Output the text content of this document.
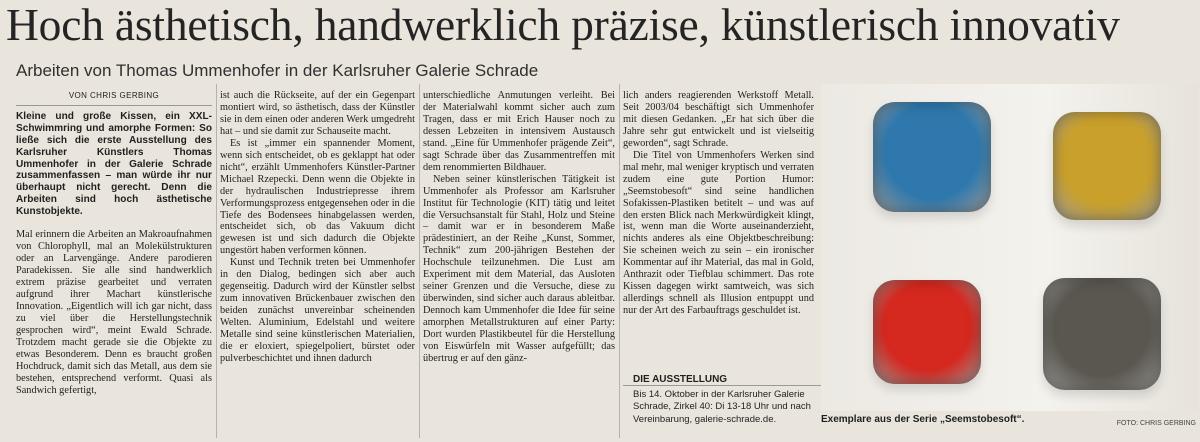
Hoch ästhetisch, handwerklich präzise, künstlerisch innovativ
Arbeiten von Thomas Ummenhofer in der Karlsruher Galerie Schrade
VON CHRIS GERBING

Kleine und große Kissen, ein XXL-Schwimmring und amorphe Formen: So ließe sich die erste Ausstellung des Karlsruher Künstlers Thomas Ummenhofer in der Galerie Schrade zusammenfassen – man würde ihr nur überhaupt nicht gerecht. Denn die Arbeiten sind hoch ästhetische Kunstobjekte.

Mal erinnern die Arbeiten an Makroaufnahmen von Chlorophyll, mal an Molekülstrukturen oder an Larvengänge. Andere parodieren Paradekissen. Sie alle sind handwerklich extrem präzise gearbeitet und verraten aufgrund ihrer Machart künstlerische Innovation. „Eigentlich will ich gar nicht, dass zu viel über die Herstellungstechnik gesprochen wird“, meint Ewald Schrade. Trotzdem macht gerade sie die Objekte zu etwas Besonderem. Denn es braucht großen Hochdruck, damit sich das Metall, aus dem sie bestehen, entsprechend verformt. Quasi als Sandwich gefertigt,

ist auch die Rückseite, auf der ein Gegenpart montiert wird, so ästhetisch, dass der Künstler sie in dem einen oder anderen Werk umgedreht hat – und sie damit zur Schauseite macht.

Es ist „immer ein spannender Moment, wenn sich entscheidet, ob es geklappt hat oder nicht“, erzählt Ummenhofers Künstler-Partner Michael Rzepecki. Denn wenn die Objekte in der hydraulischen Industriepresse ihrem Verformungsprozess entgegensehen oder in die Tiefe des Bodensees hinabgelassen werden, entscheidet sich, ob das Vakuum dicht gewesen ist und sich dadurch die Objekte ungestört haben verformen können.

Kunst und Technik treten bei Ummenhofer in den Dialog, bedingen sich aber auch gegenseitig. Dadurch wird der Künstler selbst zum innovativen Brückenbauer zwischen den beiden zunächst unvereinbar scheinenden Welten. Aluminium, Edelstahl und weitere Metalle sind seine künstlerischen Materialien, die er eloxiert, spiegelpoliert, bürstet oder pulverbeschichtet und ihnen dadurch

unterschiedliche Anmutungen verleiht. Bei der Materialwahl kommt sicher auch zum Tragen, dass er mit Erich Hauser noch zu dessen Lebzeiten in intensivem Austausch stand. „Eine für Ummenhofer prägende Zeit“, sagt Schrade über das Zusammentreffen mit dem renommierten Bildhauer.

Neben seiner künstlerischen Tätigkeit ist Ummenhofer als Professor am Karlsruher Institut für Technologie (KIT) tätig und leitet die Versuchsanstalt für Stahl, Holz und Steine – damit war er in besonderem Maße prädestiniert, an der Reihe „Kunst, Sommer, Technik“ zum 200-jährigen Bestehen der Hochschule teilzunehmen. Die Lust am Experiment mit dem Material, das Ausloten seiner Grenzen und die Versuche, diese zu überwinden, sind sicher auch daraus ableitbar. Dennoch kam Ummenhofer die Idee für seine amorphen Metallstrukturen auf einer Party: Dort wurden Plastikbeutel für die Herstellung von Eiswürfeln mit Wasser aufgefüllt; das übertrug er auf den gänz-

lich anders reagierenden Werkstoff Metall. Seit 2003/04 beschäftigt sich Ummenhofer mit diesen Gedanken. „Er hat sich über die Jahre sehr gut entwickelt und ist vielseitig geworden“, sagt Schrade.

Die Titel von Ummenhofers Werken sind mal mehr, mal weniger kryptisch und verraten zudem eine gute Portion Humor: „Seemstobesoft“ sind seine handlichen Sofakissen-Plastiken betitelt – und was auf den ersten Blick nach Merkwürdigkeit klingt, ist, wenn man die Worte auseinanderzieht, nichts anderes als eine Objektbeschreibung: Sie scheinen weich zu sein – ein ironischer Kommentar auf ihr Material, das mal in Gold, Anthrazit oder Tiefblau schimmert. Das rote Kissen dagegen wirkt samtweich, was sich allerdings schnell als Illusion entpuppt und nur der Art des Farbauftrags geschuldet ist.

DIE AUSSTELLUNG
Bis 14. Oktober in der Karlsruher Galerie Schrade, Zirkel 40: Di 13-18 Uhr und nach Vereinbarung, galerie-schrade.de.	Exemplare aus der Serie „Seemstobesoft“.	FOTO: CHRIS GERBING
